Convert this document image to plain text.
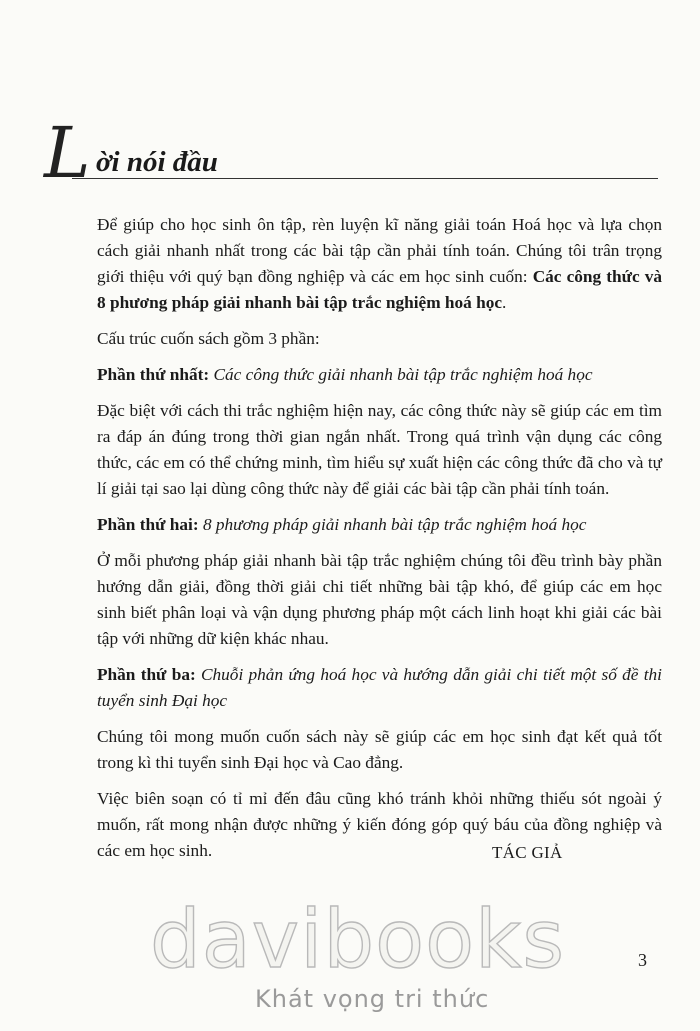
L ời nói đầu

Để giúp cho học sinh ôn tập, rèn luyện kĩ năng giải toán Hoá học và lựa chọn cách giải nhanh nhất trong các bài tập cần phải tính toán. Chúng tôi trân trọng giới thiệu với quý bạn đồng nghiệp và các em học sinh cuốn: Các công thức và 8 phương pháp giải nhanh bài tập trắc nghiệm hoá học.

Cấu trúc cuốn sách gồm 3 phần:

Phần thứ nhất: Các công thức giải nhanh bài tập trắc nghiệm hoá học

Đặc biệt với cách thi trắc nghiệm hiện nay, các công thức này sẽ giúp các em tìm ra đáp án đúng trong thời gian ngắn nhất. Trong quá trình vận dụng các công thức, các em có thể chứng minh, tìm hiểu sự xuất hiện các công thức đã cho và tự lí giải tại sao lại dùng công thức này để giải các bài tập cần phải tính toán.

Phần thứ hai: 8 phương pháp giải nhanh bài tập trắc nghiệm hoá học

Ở mỗi phương pháp giải nhanh bài tập trắc nghiệm chúng tôi đều trình bày phần hướng dẫn giải, đồng thời giải chi tiết những bài tập khó, để giúp các em học sinh biết phân loại và vận dụng phương pháp một cách linh hoạt khi giải các bài tập với những dữ kiện khác nhau.

Phần thứ ba: Chuỗi phản ứng hoá học và hướng dẫn giải chi tiết một số đề thi tuyển sinh Đại học

Chúng tôi mong muốn cuốn sách này sẽ giúp các em học sinh đạt kết quả tốt trong kì thi tuyển sinh Đại học và Cao đẳng.

Việc biên soạn có tỉ mỉ đến đâu cũng khó tránh khỏi những thiếu sót ngoài ý muốn, rất mong nhận được những ý kiến đóng góp quý báu của đồng nghiệp và các em học sinh.	TÁC GIẢ
3
davibooks
Khát vọng tri thức
